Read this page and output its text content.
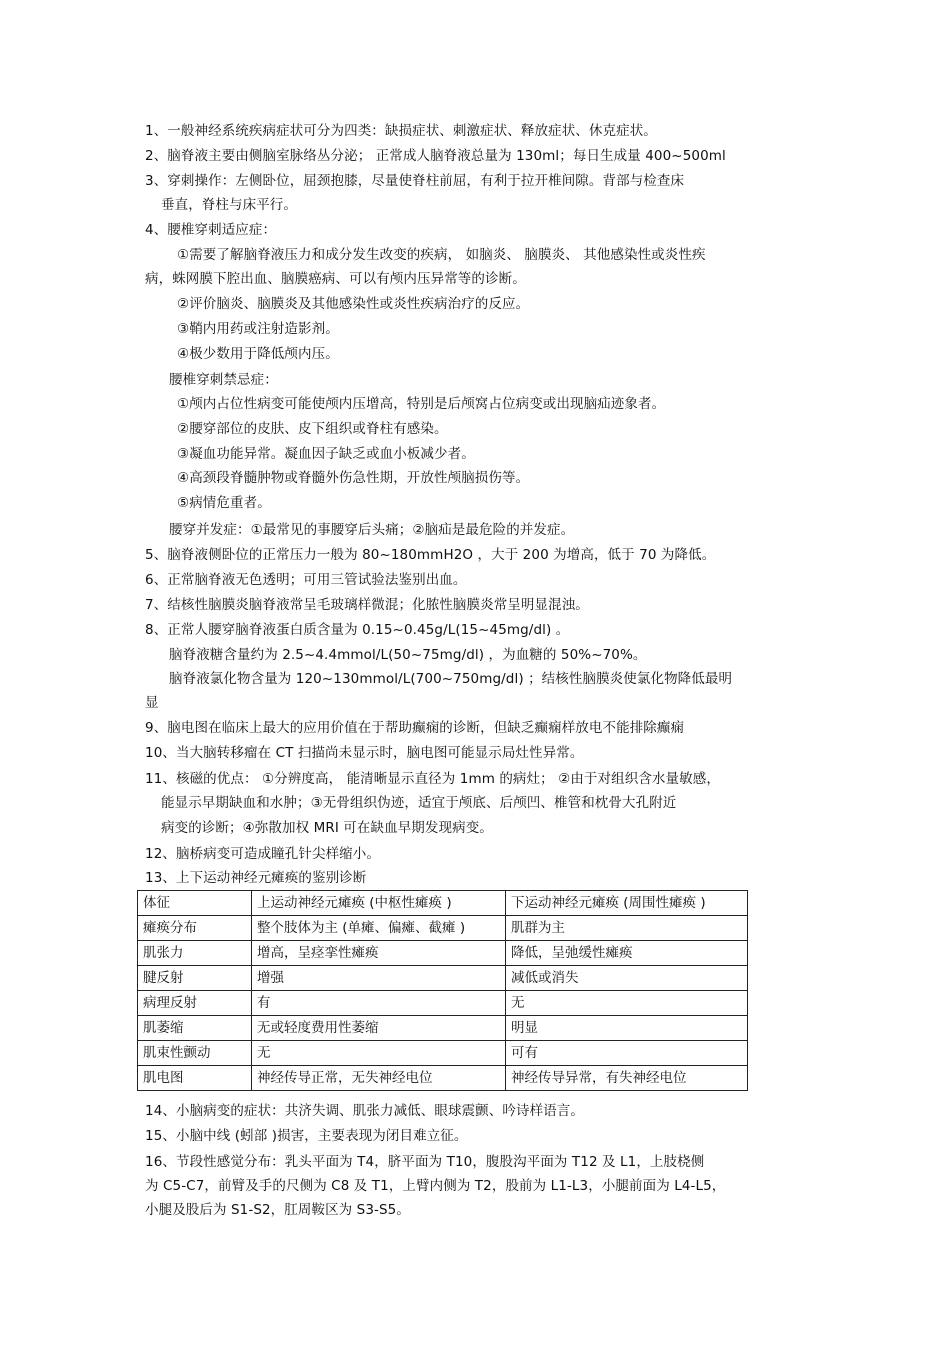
1、一般神经系统疾病症状可分为四类：缺损症状、刺激症状、释放症状、休克症状。
2、脑脊液主要由侧脑室脉络丛分泌； 正常成人脑脊液总量为 130ml；每日生成量 400~500ml
3、穿刺操作：左侧卧位，屈颈抱膝，尽量使脊柱前屈，有利于拉开椎间隙。背部与检查床
垂直，脊柱与床平行。
4、腰椎穿刺适应症：
①需要了解脑脊液压力和成分发生改变的疾病， 如脑炎、 脑膜炎、 其他感染性或炎性疾
病，蛛网膜下腔出血、脑膜癌病、可以有颅内压异常等的诊断。
②评价脑炎、脑膜炎及其他感染性或炎性疾病治疗的反应。
③鞘内用药或注射造影剂。
④极少数用于降低颅内压。
腰椎穿刺禁忌症：
①颅内占位性病变可能使颅内压增高，特别是后颅窝占位病变或出现脑疝迹象者。
②腰穿部位的皮肤、皮下组织或脊柱有感染。
③凝血功能异常。凝血因子缺乏或血小板减少者。
④高颈段脊髓肿物或脊髓外伤急性期，开放性颅脑损伤等。
⑤病情危重者。
腰穿并发症：①最常见的事腰穿后头痛；②脑疝是最危险的并发症。
5、脑脊液侧卧位的正常压力一般为 80~180mmH2O ，大于 200 为增高，低于 70 为降低。
6、正常脑脊液无色透明；可用三管试验法鉴别出血。
7、结核性脑膜炎脑脊液常呈毛玻璃样微混；化脓性脑膜炎常呈明显混浊。
8、正常人腰穿脑脊液蛋白质含量为 0.15~0.45g/L(15~45mg/dl) 。
脑脊液糖含量约为 2.5~4.4mmol/L(50~75mg/dl) ，为血糖的 50%~70%。
脑脊液氯化物含量为 120~130mmol/L(700~750mg/dl) ；结核性脑膜炎使氯化物降低最明
显
9、脑电图在临床上最大的应用价值在于帮助癫痫的诊断，但缺乏癫痫样放电不能排除癫痫
10、当大脑转移瘤在 CT 扫描尚未显示时，脑电图可能显示局灶性异常。
11、核磁的优点： ①分辨度高， 能清晰显示直径为 1mm 的病灶； ②由于对组织含水量敏感，
能显示早期缺血和水肿；③无骨组织伪迹，适宜于颅底、后颅凹、椎管和枕骨大孔附近
病变的诊断；④弥散加权 MRI 可在缺血早期发现病变。
12、脑桥病变可造成瞳孔针尖样缩小。
13、上下运动神经元瘫痪的鉴别诊断
体征	上运动神经元瘫痪 (中枢性瘫痪 )	下运动神经元瘫痪 (周围性瘫痪 )
瘫痪分布	整个肢体为主 (单瘫、偏瘫、截瘫 )	肌群为主
肌张力	增高，呈痉挛性瘫痪	降低，呈弛缓性瘫痪
腱反射	增强	减低或消失
病理反射	有	无
肌萎缩	无或轻度费用性萎缩	明显
肌束性颤动	无	可有
肌电图	神经传导正常，无失神经电位	神经传导异常，有失神经电位
14、小脑病变的症状：共济失调、肌张力减低、眼球震颤、吟诗样语言。
15、小脑中线 (蚓部 )损害，主要表现为闭目难立征。
16、节段性感觉分布：乳头平面为 T4，脐平面为 T10，腹股沟平面为 T12 及 L1，上肢桡侧
为 C5-C7，前臂及手的尺侧为 C8 及 T1，上臂内侧为 T2，股前为 L1-L3，小腿前面为 L4-L5，
小腿及股后为 S1-S2，肛周鞍区为 S3-S5。
